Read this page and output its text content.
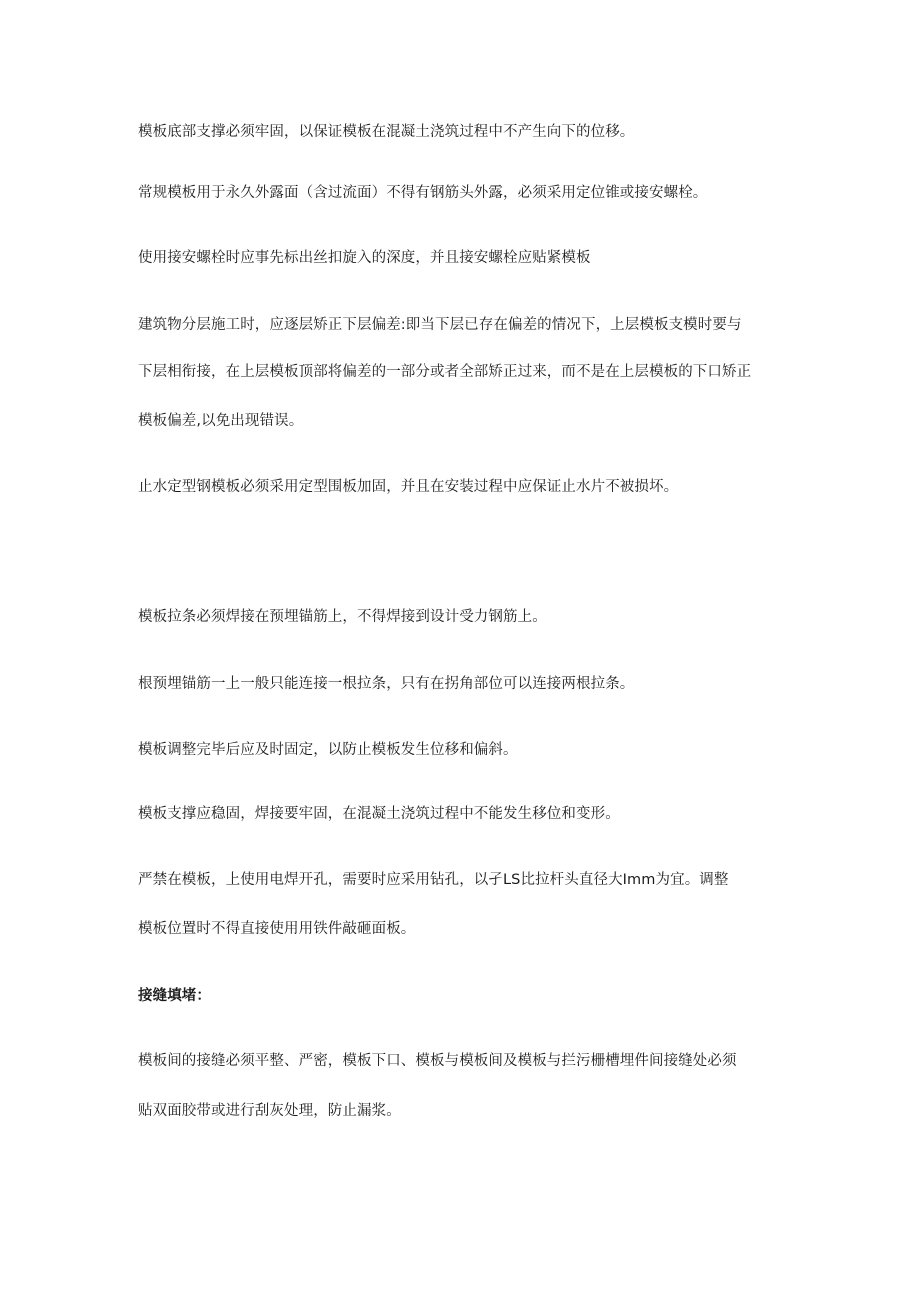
模板底部支撑必须牢固，以保证模板在混凝土浇筑过程中不产生向下的位移。
常规模板用于永久外露面（含过流面）不得有钢筋头外露，必须采用定位锥或接安螺栓。
使用接安螺栓时应事先标出丝扣旋入的深度，并且接安螺栓应贴紧模板
建筑物分层施工时，应逐层矫正下层偏差:即当下层已存在偏差的情况下，上层模板支模时要与
下层相衔接，在上层模板顶部将偏差的一部分或者全部矫正过来，而不是在上层模板的下口矫正
模板偏差,以免出现错误。
止水定型钢模板必须采用定型围板加固，并且在安装过程中应保证止水片不被损坏。
模板拉条必须焊接在预埋锚筋上，不得焊接到设计受力钢筋上。
根预埋锚筋一上一般只能连接一根拉条，只有在拐角部位可以连接两根拉条。
模板调整完毕后应及时固定，以防止模板发生位移和偏斜。
模板支撑应稳固，焊接要牢固，在混凝土浇筑过程中不能发生移位和变形。
严禁在模板，上使用电焊开孔，需要时应采用钻孔，以孑LS比拉杆头直径大Imm为宜。调整
模板位置时不得直接使用用铁件敲砸面板。
接缝填堵：
模板间的接缝必须平整、严密，模板下口、模板与模板间及模板与拦污栅槽埋件间接缝处必须
贴双面胶带或进行刮灰处理，防止漏浆。
